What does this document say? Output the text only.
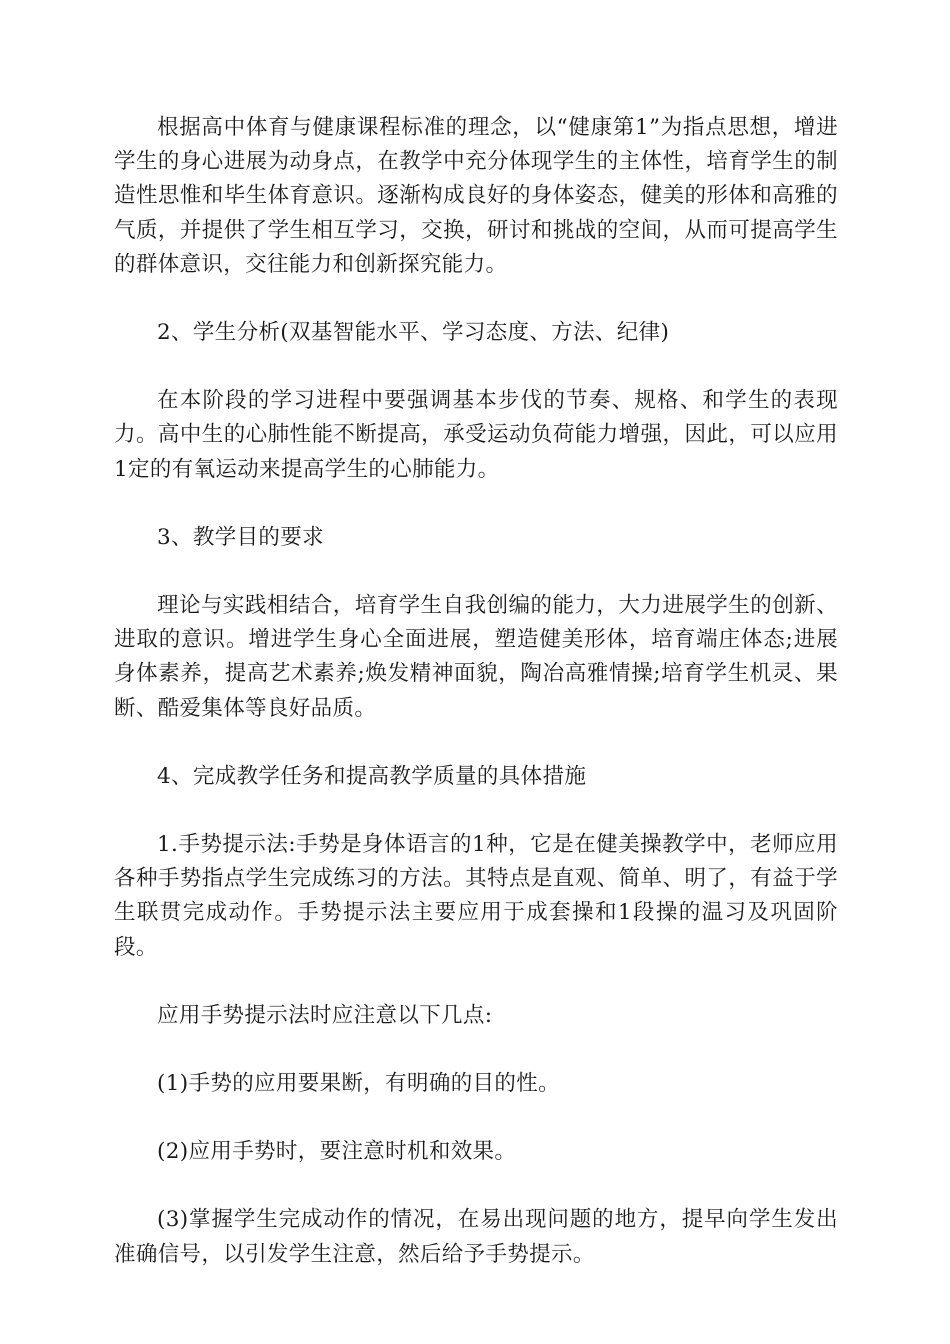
根据高中体育与健康课程标准的理念，以“健康第1”为指点思想，增进学生的身心进展为动身点，在教学中充分体现学生的主体性，培育学生的制造性思惟和毕生体育意识。逐渐构成良好的身体姿态，健美的形体和高雅的气质，并提供了学生相互学习，交换，研讨和挑战的空间，从而可提高学生的群体意识，交往能力和创新探究能力。

2、学生分析(双基智能水平、学习态度、方法、纪律)

在本阶段的学习进程中要强调基本步伐的节奏、规格、和学生的表现力。高中生的心肺性能不断提高，承受运动负荷能力增强，因此，可以应用1定的有氧运动来提高学生的心肺能力。

3、教学目的要求

理论与实践相结合，培育学生自我创编的能力，大力进展学生的创新、进取的意识。增进学生身心全面进展，塑造健美形体，培育端庄体态;进展身体素养，提高艺术素养;焕发精神面貌，陶冶高雅情操;培育学生机灵、果断、酷爱集体等良好品质。

4、完成教学任务和提高教学质量的具体措施

1.手势提示法:手势是身体语言的1种，它是在健美操教学中，老师应用各种手势指点学生完成练习的方法。其特点是直观、简单、明了，有益于学生联贯完成动作。手势提示法主要应用于成套操和1段操的温习及巩固阶段。

应用手势提示法时应注意以下几点:

(1)手势的应用要果断，有明确的目的性。

(2)应用手势时，要注意时机和效果。

(3)掌握学生完成动作的情况，在易出现问题的地方，提早向学生发出准确信号，以引发学生注意，然后给予手势提示。
